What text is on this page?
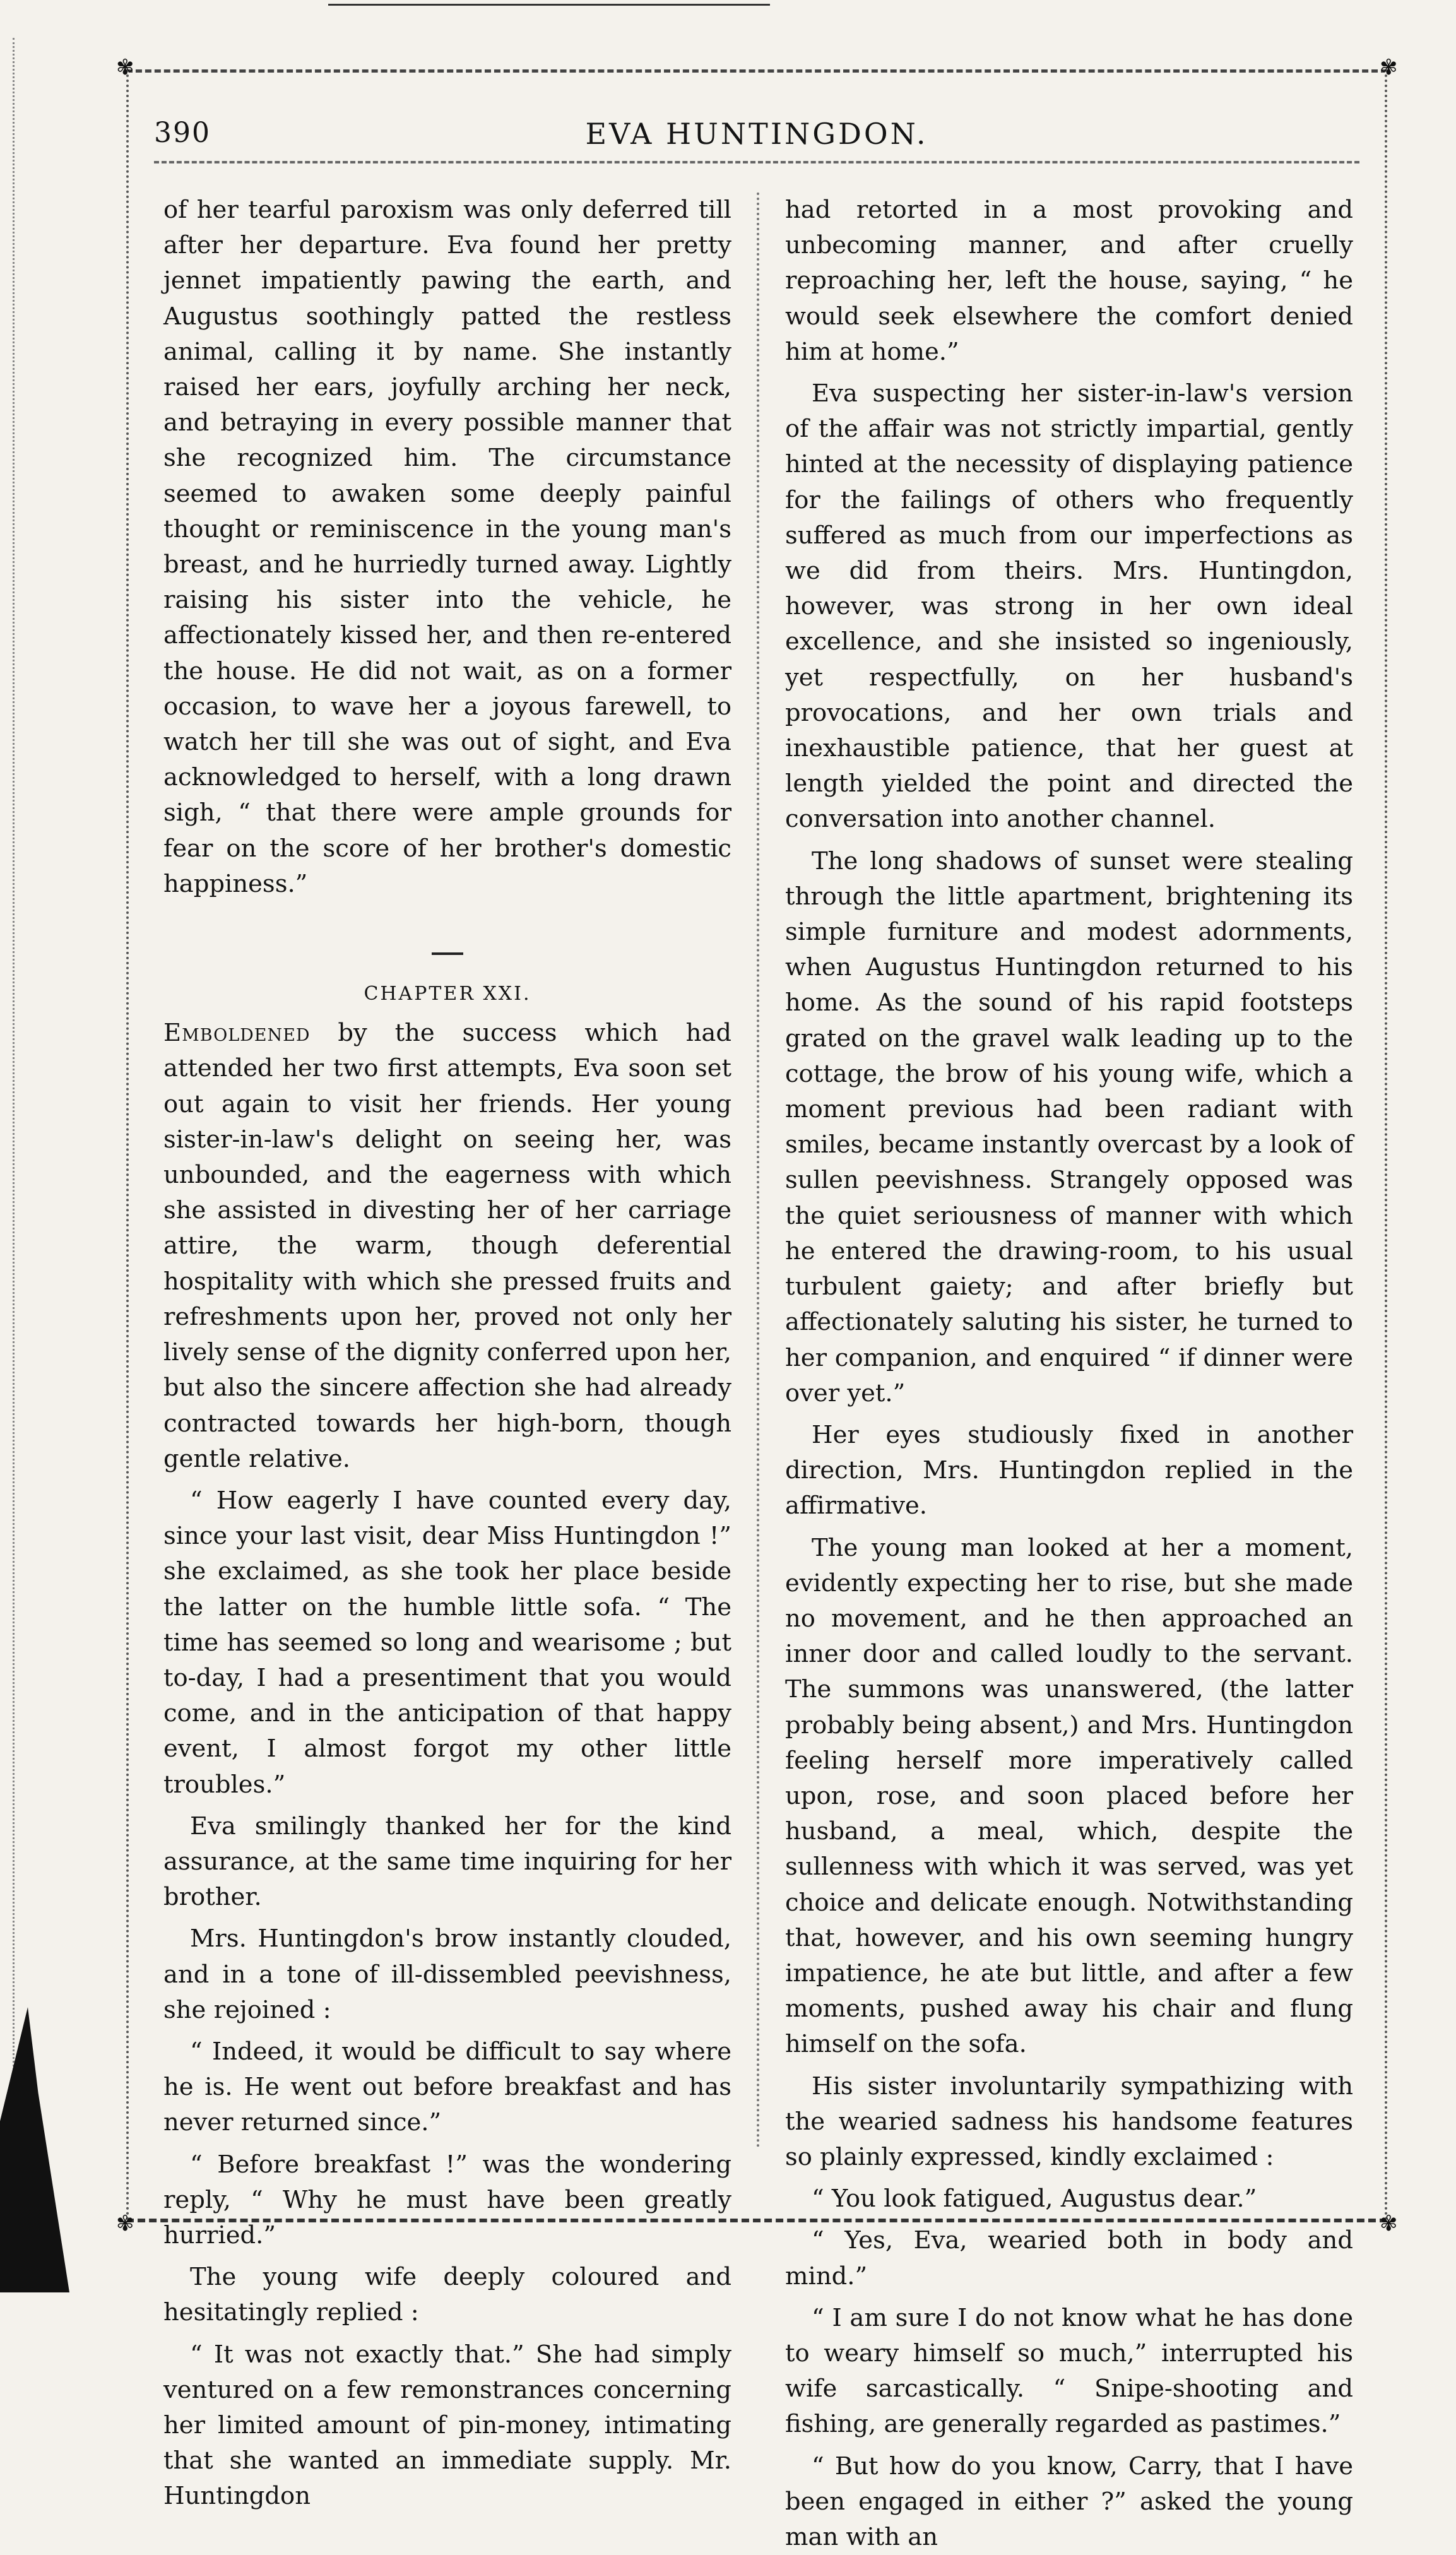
✾	✾
✾	✾
390	EVA HUNTINGDON.

of her tearful paroxism was only deferred till after her departure. Eva found her pretty jennet impatiently pawing the earth, and Augustus soothingly patted the restless animal, calling it by name. She instantly raised her ears, joyfully arching her neck, and betraying in every possible manner that she recognized him. The circumstance seemed to awaken some deeply painful thought or reminiscence in the young man's breast, and he hurriedly turned away. Lightly raising his sister into the vehicle, he affectionately kissed her, and then re-entered the house. He did not wait, as on a former occasion, to wave her a joyous farewell, to watch her till she was out of sight, and Eva acknowledged to herself, with a long drawn sigh, “ that there were ample grounds for fear on the score of her brother's domestic happiness.”

CHAPTER XXI.

Emboldened by the success which had attended her two first attempts, Eva soon set out again to visit her friends. Her young sister-in-law's delight on seeing her, was unbounded, and the eagerness with which she assisted in divesting her of her carriage attire, the warm, though deferential hospitality with which she pressed fruits and refreshments upon her, proved not only her lively sense of the dignity conferred upon her, but also the sincere affection she had already contracted towards her high-born, though gentle relative.

“ How eagerly I have counted every day, since your last visit, dear Miss Huntingdon !” she exclaimed, as she took her place beside the latter on the humble little sofa. “ The time has seemed so long and wearisome ; but to-day, I had a presentiment that you would come, and in the anticipation of that happy event, I almost forgot my other little troubles.”

Eva smilingly thanked her for the kind assurance, at the same time inquiring for her brother.

Mrs. Huntingdon's brow instantly clouded, and in a tone of ill-dissembled peevishness, she rejoined :

“ Indeed, it would be difficult to say where he is. He went out before breakfast and has never returned since.”

“ Before breakfast !” was the wondering reply, “ Why he must have been greatly hurried.”

The young wife deeply coloured and hesitatingly replied :

“ It was not exactly that.” She had simply ventured on a few remonstrances concerning her limited amount of pin-money, intimating that she wanted an immediate supply. Mr. Huntingdon

had retorted in a most provoking and unbecoming manner, and after cruelly reproaching her, left the house, saying, “ he would seek elsewhere the comfort denied him at home.”

Eva suspecting her sister-in-law's version of the affair was not strictly impartial, gently hinted at the necessity of displaying patience for the failings of others who frequently suffered as much from our imperfections as we did from theirs. Mrs. Huntingdon, however, was strong in her own ideal excellence, and she insisted so ingeniously, yet respectfully, on her husband's provocations, and her own trials and inexhaustible patience, that her guest at length yielded the point and directed the conversation into another channel.

The long shadows of sunset were stealing through the little apartment, brightening its simple furniture and modest adornments, when Augustus Huntingdon returned to his home. As the sound of his rapid footsteps grated on the gravel walk leading up to the cottage, the brow of his young wife, which a moment previous had been radiant with smiles, became instantly overcast by a look of sullen peevishness. Strangely opposed was the quiet seriousness of manner with which he entered the drawing-room, to his usual turbulent gaiety; and after briefly but affectionately saluting his sister, he turned to her companion, and enquired “ if dinner were over yet.”

Her eyes studiously fixed in another direction, Mrs. Huntingdon replied in the affirmative.

The young man looked at her a moment, evidently expecting her to rise, but she made no movement, and he then approached an inner door and called loudly to the servant. The summons was unanswered, (the latter probably being absent,) and Mrs. Huntingdon feeling herself more imperatively called upon, rose, and soon placed before her husband, a meal, which, despite the sullenness with which it was served, was yet choice and delicate enough. Notwithstanding that, however, and his own seeming hungry impatience, he ate but little, and after a few moments, pushed away his chair and flung himself on the sofa.

His sister involuntarily sympathizing with the wearied sadness his handsome features so plainly expressed, kindly exclaimed :

“ You look fatigued, Augustus dear.”

“ Yes, Eva, wearied both in body and mind.”

“ I am sure I do not know what he has done to weary himself so much,” interrupted his wife sarcastically. “ Snipe-shooting and fishing, are generally regarded as pastimes.”

“ But how do you know, Carry, that I have been engaged in either ?” asked the young man with an
